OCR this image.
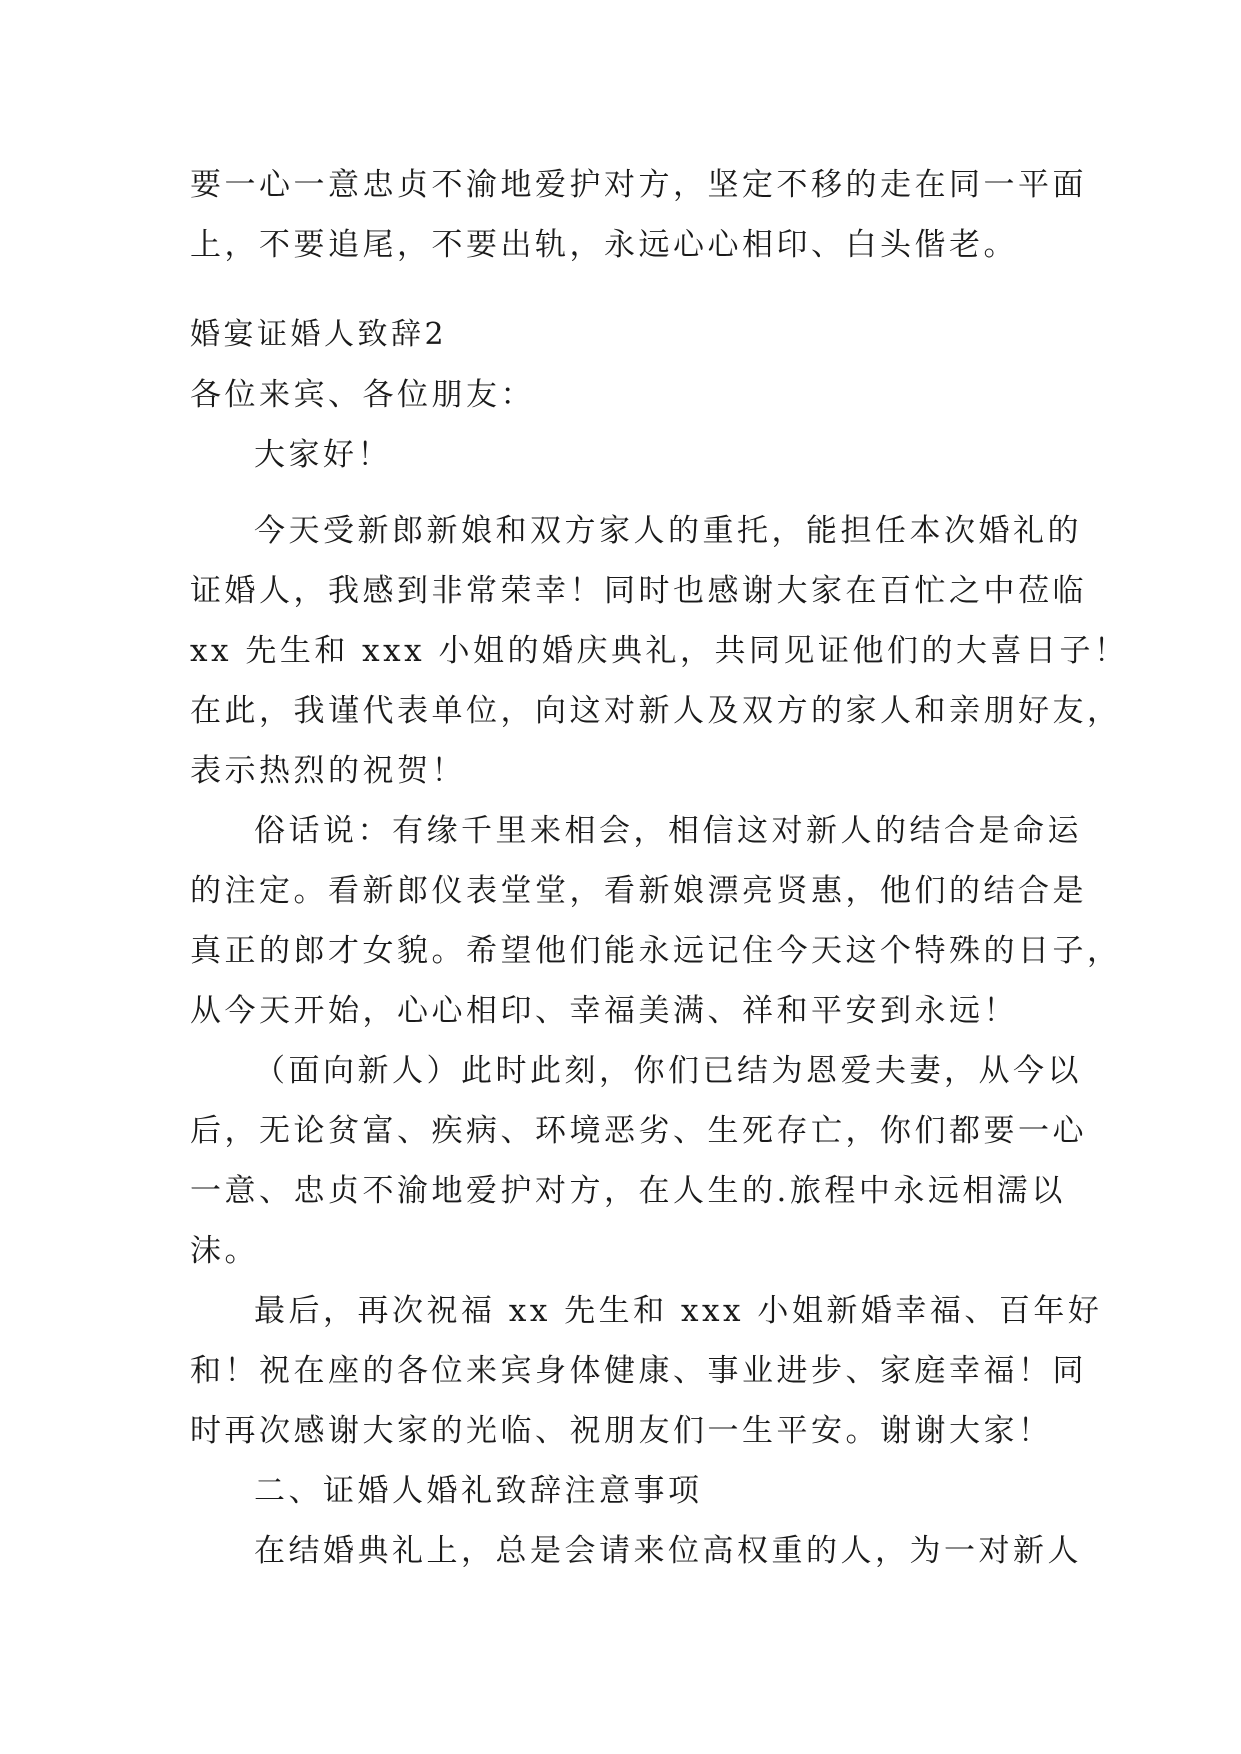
要一心一意忠贞不渝地爱护对方，坚定不移的走在同一平面
上，不要追尾，不要出轨，永远心心相印、白头偕老。
婚宴证婚人致辞2
各位来宾、各位朋友：
大家好！
今天受新郎新娘和双方家人的重托，能担任本次婚礼的
证婚人，我感到非常荣幸！同时也感谢大家在百忙之中莅临
xx 先生和 xxx 小姐的婚庆典礼，共同见证他们的大喜日子！
在此，我谨代表单位，向这对新人及双方的家人和亲朋好友，
表示热烈的祝贺！
俗话说：有缘千里来相会，相信这对新人的结合是命运
的注定。看新郎仪表堂堂，看新娘漂亮贤惠，他们的结合是
真正的郎才女貌。希望他们能永远记住今天这个特殊的日子，
从今天开始，心心相印、幸福美满、祥和平安到永远！
（面向新人）此时此刻，你们已结为恩爱夫妻，从今以
后，无论贫富、疾病、环境恶劣、生死存亡，你们都要一心
一意、忠贞不渝地爱护对方，在人生的.旅程中永远相濡以
沫。
最后，再次祝福 xx 先生和 xxx 小姐新婚幸福、百年好
和！祝在座的各位来宾身体健康、事业进步、家庭幸福！同
时再次感谢大家的光临、祝朋友们一生平安。谢谢大家！
二、证婚人婚礼致辞注意事项
在结婚典礼上，总是会请来位高权重的人，为一对新人
